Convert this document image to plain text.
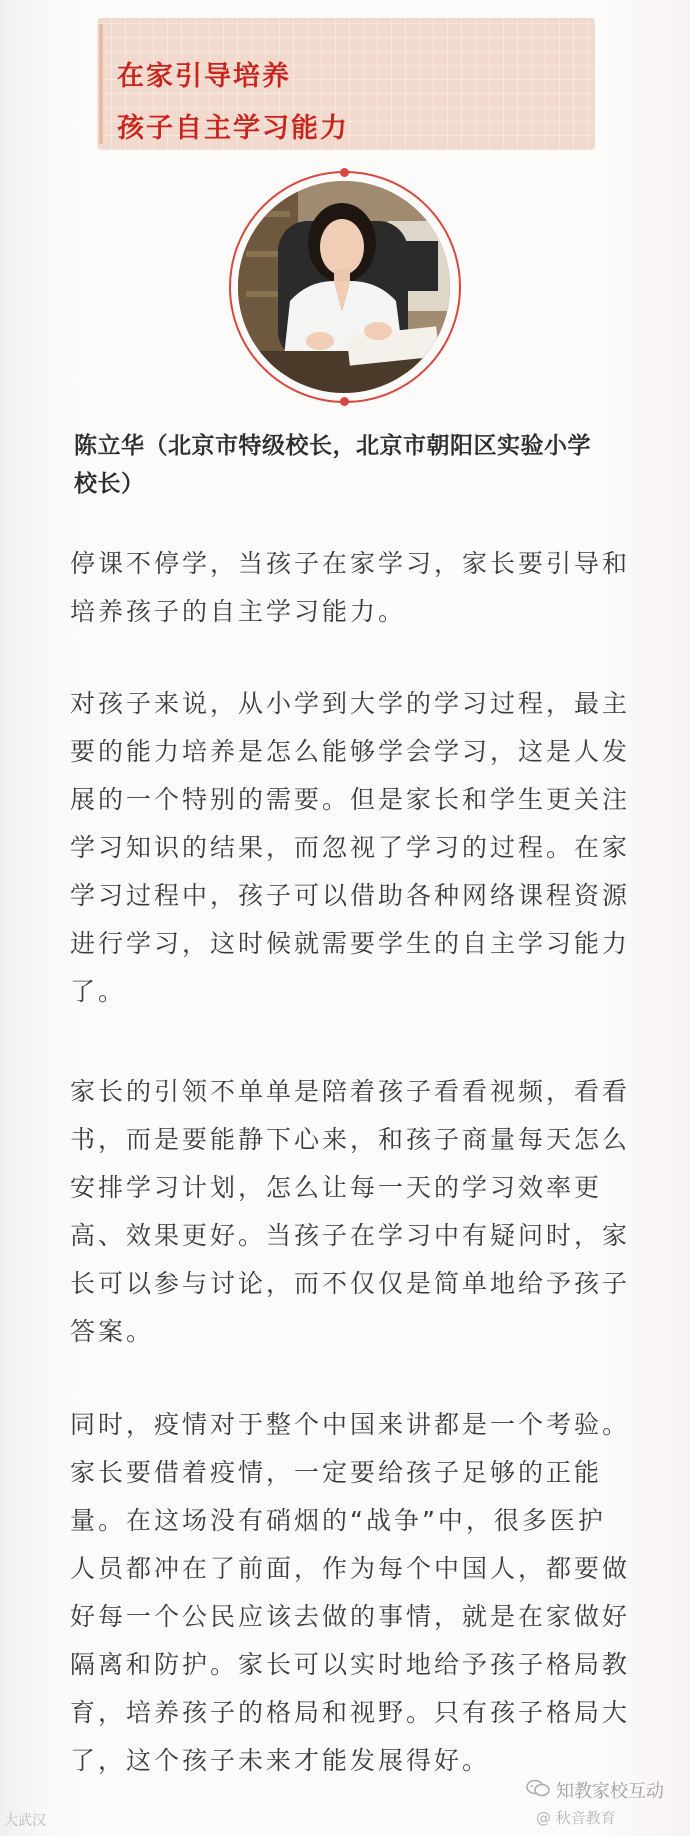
在家引导培养
孩子自主学习能力
陈立华（北京市特级校长，北京市朝阳区实验小学校长）
停课不停学，当孩子在家学习，家长要引导和培养孩子的自主学习能力。
对孩子来说，从小学到大学的学习过程，最主要的能力培养是怎么能够学会学习，这是人发展的一个特别的需要。但是家长和学生更关注学习知识的结果，而忽视了学习的过程。在家学习过程中，孩子可以借助各种网络课程资源进行学习，这时候就需要学生的自主学习能力了。
家长的引领不单单是陪着孩子看看视频，看看书，而是要能静下心来，和孩子商量每天怎么安排学习计划，怎么让每一天的学习效率更高、效果更好。当孩子在学习中有疑问时，家长可以参与讨论，而不仅仅是简单地给予孩子答案。
同时，疫情对于整个中国来讲都是一个考验。家长要借着疫情，一定要给孩子足够的正能量。在这场没有硝烟的“战争”中，很多医护人员都冲在了前面，作为每个中国人，都要做好每一个公民应该去做的事情，就是在家做好隔离和防护。家长可以实时地给予孩子格局教育，培养孩子的格局和视野。只有孩子格局大了，这个孩子未来才能发展得好。
大武汉
知教家校互动
@ 秋音教育
